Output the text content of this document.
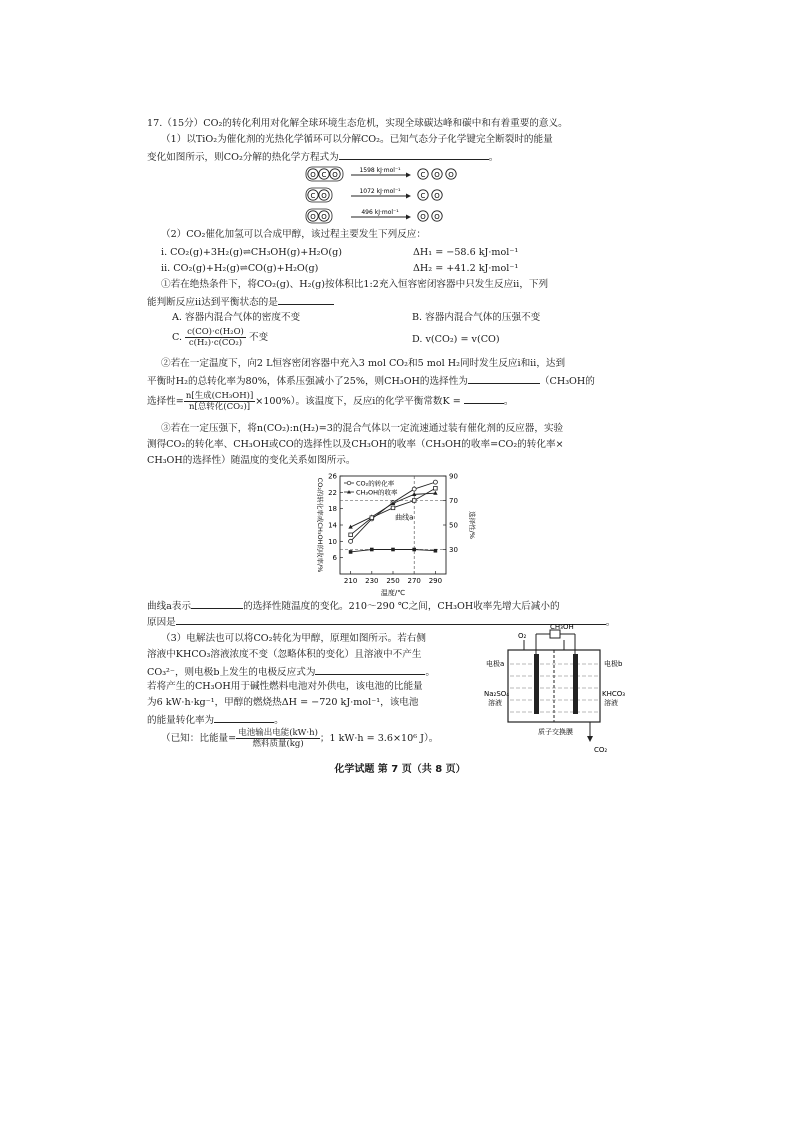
17.（15分）CO₂的转化利用对化解全球环境生态危机，实现全球碳达峰和碳中和有着重要的意义。
（1）以TiO₂为催化剂的光热化学循环可以分解CO₂。已知气态分子化学键完全断裂时的能量
变化如图所示，则CO₂分解的热化学方程式为	。
O C O
1598 kJ·mol⁻¹
C O O
C O
1072 kJ·mol⁻¹
C O
O O
496 kJ·mol⁻¹
O O
（2）CO₂催化加氢可以合成甲醇，该过程主要发生下列反应：
ⅰ. CO₂(g)+3H₂(g)⇌CH₃OH(g)+H₂O(g)	ΔH₁ = −58.6 kJ·mol⁻¹
ⅱ. CO₂(g)+H₂(g)⇌CO(g)+H₂O(g)	ΔH₂ = +41.2 kJ·mol⁻¹
①若在绝热条件下，将CO₂(g)、H₂(g)按体积比1:2充入恒容密闭容器中只发生反应ⅱ，下列
能判断反应ⅱ达到平衡状态的是
A. 容器内混合气体的密度不变	B. 容器内混合气体的压强不变
C. $\frac{\text{c(CO)·c(H₂O)}}{\text{c(H₂)·c(CO₂)}}$ 不变	D. v(CO₂) = v(CO)
②若在一定温度下，向2 L恒容密闭容器中充入3 mol CO₂和5 mol H₂同时发生反应ⅰ和ⅱ，达到
平衡时H₂的总转化率为80%，体系压强减小了25%，则CH₃OH的选择性为	（CH₃OH的
选择性= $\frac{\text{n[生成(CH₃OH)]}}{\text{n[总转化(CO₂)]}} \times 100\%$）。该温度下，反应ⅰ的化学平衡常数K =	。
③若在一定压强下，将n(CO₂):n(H₂)=3的混合气体以一定流速通过装有催化剂的反应器，实验
测得CO₂的转化率、CH₃OH或CO的选择性以及CH₃OH的收率（CH₃OH的收率=CO₂的转化率×
CH₃OH的选择性）随温度的变化关系如图所示。
210 230 250 270 290
6
10
14
18
22
26
30
50
70
90
温度/℃
CO₂的转化率或CH₃OH的收率/%	选择性/%
CO₂的转化率
CH₃OH的收率
曲线a
曲线a表示	的选择性随温度的变化。210～290 ℃之间，CH₃OH收率先增大后减小的
原因是	。
（3）电解法也可以将CO₂转化为甲醇，原理如图所示。若右侧
溶液中KHCO₃溶液浓度不变（忽略体积的变化）且溶液中不产生
CO₃²⁻，则电极b上发生的电极反应式为	。
若将产生的CH₃OH用于碱性燃料电池对外供电，该电池的比能量
为6 kW·h·kg⁻¹，甲醇的燃烧热ΔH = −720 kJ·mol⁻¹，该电池
的能量转化率为	。
（已知：比能量= $\frac{\text{电池输出电能(kW·h)}}{\text{燃料质量(kg)}}$ ；1 kW·h = 3.6×10⁶ J）。
O₂
CH₃OH
电极a	电极b
Na₂SO₄
溶液
KHCO₃
溶液
质子交换膜
CO₂
化学试题 第 7 页（共 8 页）
